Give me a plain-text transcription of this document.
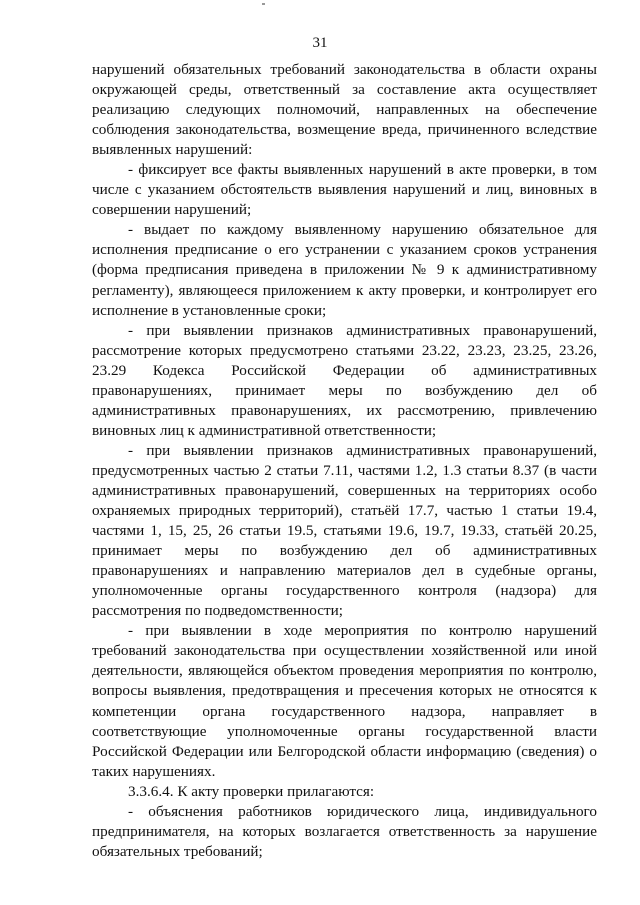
31

нарушений обязательных требований законодательства в области охраны окружающей среды, ответственный за составление акта осуществляет реализацию следующих полномочий, направленных на обеспечение соблюдения законодательства, возмещение вреда, причиненного вследствие выявленных нарушений:

- фиксирует все факты выявленных нарушений в акте проверки, в том числе с указанием обстоятельств выявления нарушений и лиц, виновных в совершении нарушений;

- выдает по каждому выявленному нарушению обязательное для исполнения предписание о его устранении с указанием сроков устранения (форма предписания приведена в приложении № 9 к административному регламенту), являющееся приложением к акту проверки, и контролирует его исполнение в установленные сроки;

- при выявлении признаков административных правонарушений, рассмотрение которых предусмотрено статьями 23.22, 23.23, 23.25, 23.26, 23.29 Кодекса Российской Федерации об административных правонарушениях, принимает меры по возбуждению дел об административных правонарушениях, их рассмотрению, привлечению виновных лиц к административной ответственности;

- при выявлении признаков административных правонарушений, предусмотренных частью 2 статьи 7.11, частями 1.2, 1.3 статьи 8.37 (в части административных правонарушений, совершенных на территориях особо охраняемых природных территорий), статьёй 17.7, частью 1 статьи 19.4, частями 1, 15, 25, 26 статьи 19.5, статьями 19.6, 19.7, 19.33, статьёй 20.25, принимает меры по возбуждению дел об административных правонарушениях и направлению материалов дел в судебные органы, уполномоченные органы государственного контроля (надзора) для рассмотрения по подведомственности;

- при выявлении в ходе мероприятия по контролю нарушений требований законодательства при осуществлении хозяйственной или иной деятельности, являющейся объектом проведения мероприятия по контролю, вопросы выявления, предотвращения и пресечения которых не относятся к компетенции органа государственного надзора, направляет в соответствующие уполномоченные органы государственной власти Российской Федерации или Белгородской области информацию (сведения) о таких нарушениях.

3.3.6.4. К акту проверки прилагаются:

- объяснения работников юридического лица, индивидуального предпринимателя, на которых возлагается ответственность за нарушение обязательных требований;
